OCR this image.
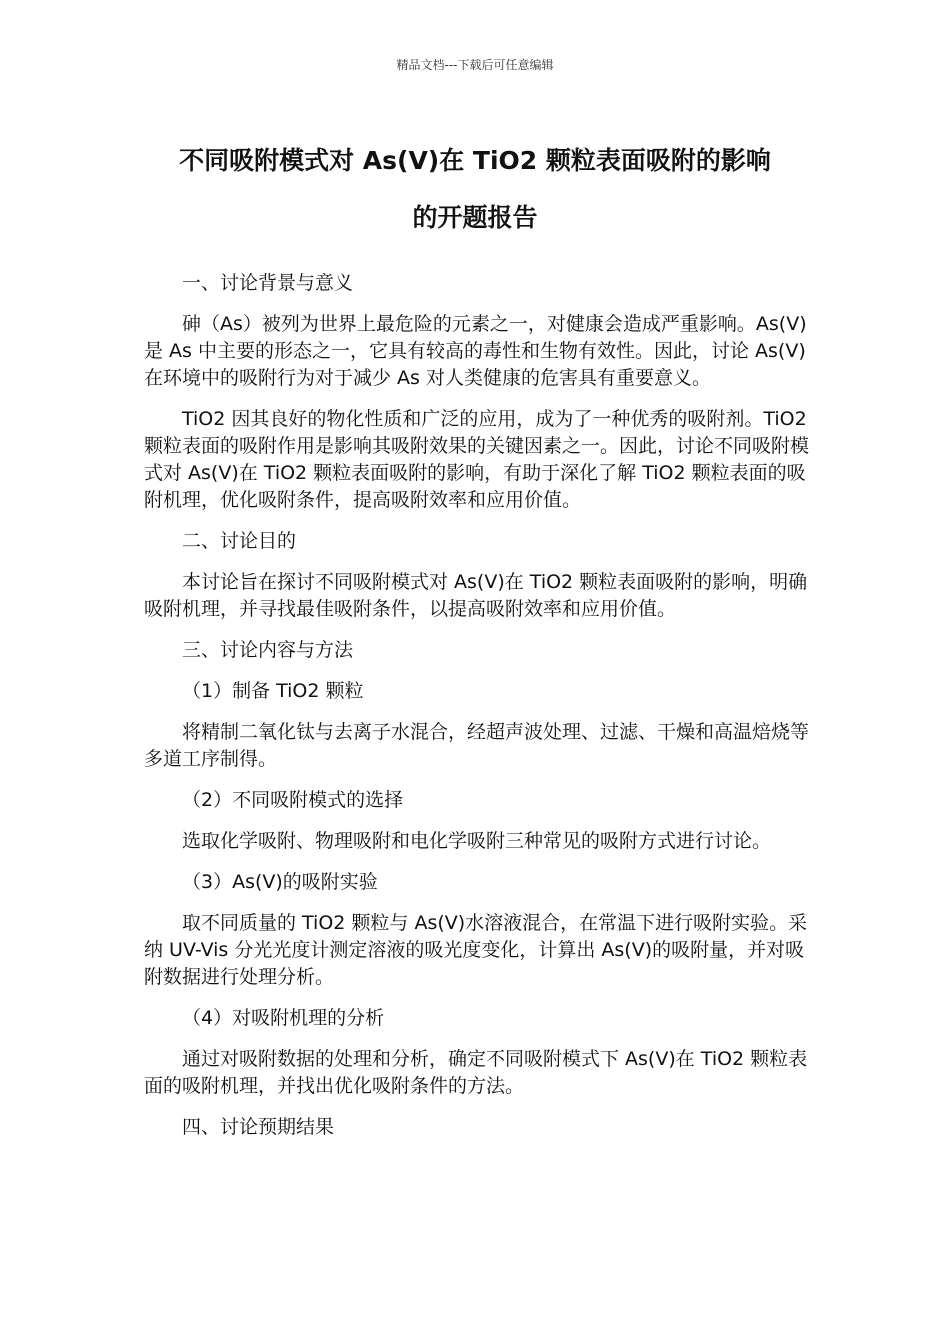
精品文档---下载后可任意编辑
不同吸附模式对 As(V)在 TiO2 颗粒表面吸附的影响
的开题报告

一、讨论背景与意义

砷（As）被列为世界上最危险的元素之一，对健康会造成严重影响。As(V)是 As 中主要的形态之一，它具有较高的毒性和生物有效性。因此，讨论 As(V)在环境中的吸附行为对于减少 As 对人类健康的危害具有重要意义。

TiO2 因其良好的物化性质和广泛的应用，成为了一种优秀的吸附剂。TiO2 颗粒表面的吸附作用是影响其吸附效果的关键因素之一。因此，讨论不同吸附模式对 As(V)在 TiO2 颗粒表面吸附的影响，有助于深化了解 TiO2 颗粒表面的吸附机理，优化吸附条件，提高吸附效率和应用价值。

二、讨论目的

本讨论旨在探讨不同吸附模式对 As(V)在 TiO2 颗粒表面吸附的影响，明确吸附机理，并寻找最佳吸附条件，以提高吸附效率和应用价值。

三、讨论内容与方法

（1）制备 TiO2 颗粒

将精制二氧化钛与去离子水混合，经超声波处理、过滤、干燥和高温焙烧等多道工序制得。

（2）不同吸附模式的选择

选取化学吸附、物理吸附和电化学吸附三种常见的吸附方式进行讨论。

（3）As(V)的吸附实验

取不同质量的 TiO2 颗粒与 As(V)水溶液混合，在常温下进行吸附实验。采纳 UV-Vis 分光光度计测定溶液的吸光度变化，计算出 As(V)的吸附量，并对吸附数据进行处理分析。

（4）对吸附机理的分析

通过对吸附数据的处理和分析，确定不同吸附模式下 As(V)在 TiO2 颗粒表面的吸附机理，并找出优化吸附条件的方法。

四、讨论预期结果
